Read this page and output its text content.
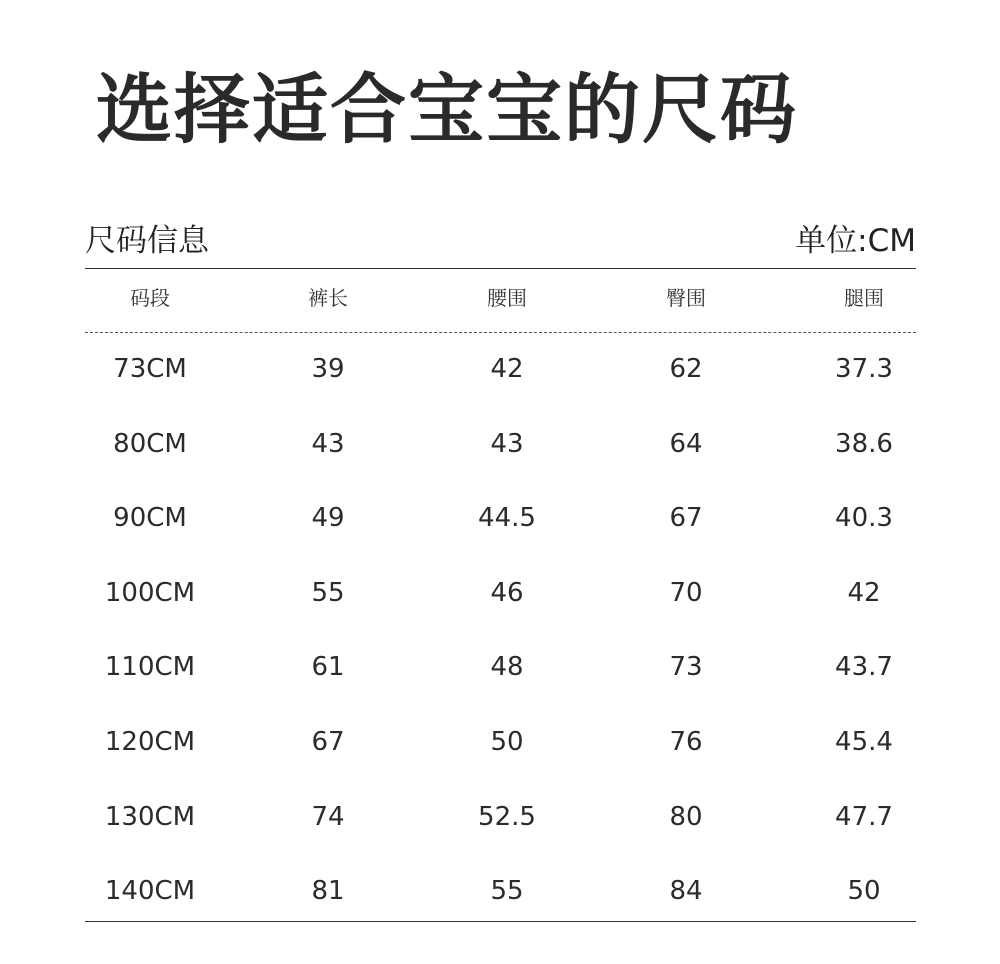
选择适合宝宝的尺码
尺码信息	单位:CM
码段	裤长	腰围	臀围	腿围
73CM	39	42	62	37.3
80CM	43	43	64	38.6
90CM	49	44.5	67	40.3
100CM	55	46	70	42
110CM	61	48	73	43.7
120CM	67	50	76	45.4
130CM	74	52.5	80	47.7
140CM	81	55	84	50
